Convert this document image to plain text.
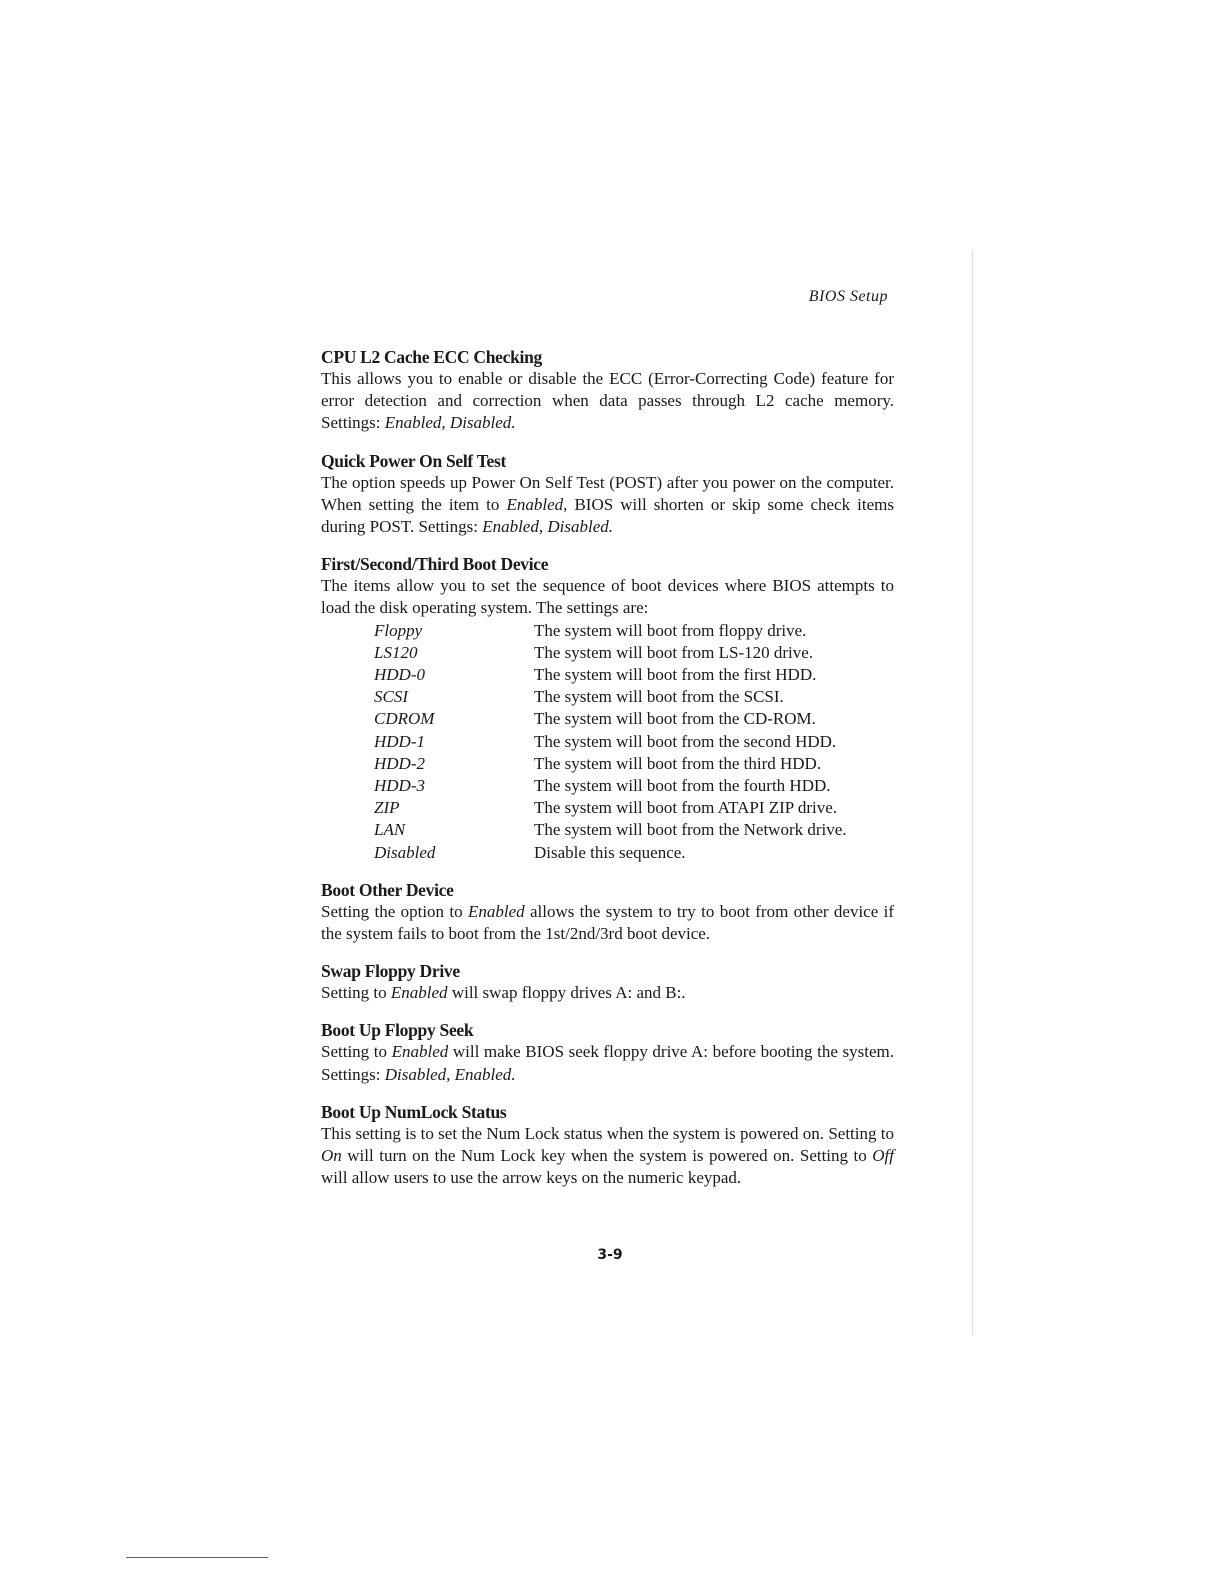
BIOS Setup
CPU L2 Cache ECC Checking

This allows you to enable or disable the ECC (Error-Correcting Code) feature for error detection and correction when data passes through L2 cache memory. Settings: Enabled, Disabled.

Quick Power On Self Test

The option speeds up Power On Self Test (POST) after you power on the computer. When setting the item to Enabled, BIOS will shorten or skip some check items during POST. Settings: Enabled, Disabled.

First/Second/Third Boot Device

The items allow you to set the sequence of boot devices where BIOS attempts to load the disk operating system. The settings are:

Floppy	The system will boot from floppy drive.
LS120	The system will boot from LS-120 drive.
HDD-0	The system will boot from the first HDD.
SCSI	The system will boot from the SCSI.
CDROM	The system will boot from the CD-ROM.
HDD-1	The system will boot from the second HDD.
HDD-2	The system will boot from the third HDD.
HDD-3	The system will boot from the fourth HDD.
ZIP	The system will boot from ATAPI ZIP drive.
LAN	The system will boot from the Network drive.
Disabled	Disable this sequence.
Boot Other Device

Setting the option to Enabled allows the system to try to boot from other device if the system fails to boot from the 1st/2nd/3rd boot device.

Swap Floppy Drive

Setting to Enabled will swap floppy drives A: and B:.

Boot Up Floppy Seek

Setting to Enabled will make BIOS seek floppy drive A: before booting the system. Settings: Disabled, Enabled.

Boot Up NumLock Status

This setting is to set the Num Lock status when the system is powered on. Setting to On will turn on the Num Lock key when the system is powered on. Setting to Off will allow users to use the arrow keys on the numeric keypad.

3-9
